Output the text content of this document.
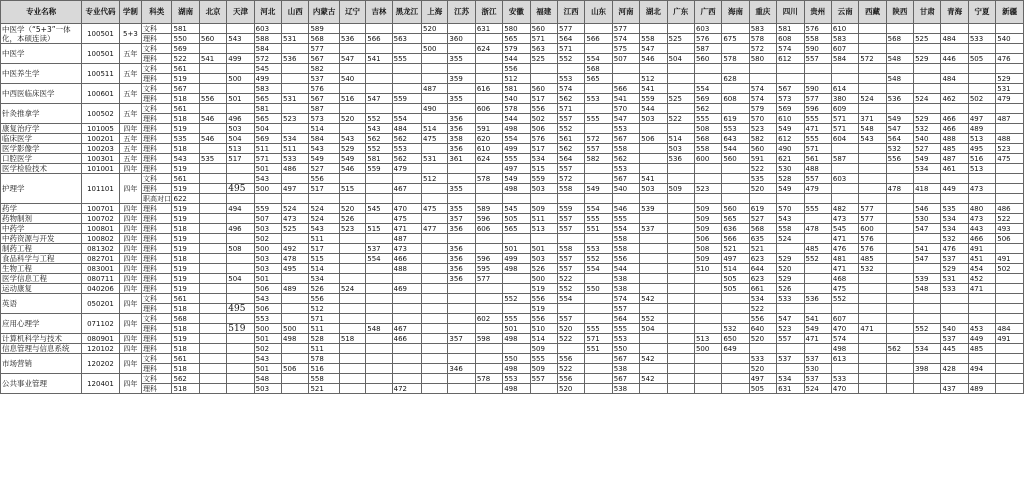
专业名称	专业代码	学制	科类	湖南	北京	天津	河北	山西	内蒙古	辽宁	吉林	黑龙江	上海	江苏	浙江	安徽	福建	江西	山东	河南	湖北	广东	广西	海南	重庆	四川	贵州	云南	西藏	陕西	甘肃	青海	宁夏	新疆
中医学（“5+3”一体化，本硕连读）	100501	5+3	文科	581			603		589				520		631	580	560	577		577			603		583	581	576	610						
			理科	550	560	543	588	531	568	536	566	563		360		565	571	564	566	574	558	525	576	675	578	608	558	583		568	525	484	533	540
中医学	100501	五年	文科	569			584		577				500		624	579	563	571		575	547		587		572	574	590	607						
			理科	522	541	499	572	536	567	547	541	555		355		544	525	552	554	507	546	504	560	578	580	612	557	584	572	548	529	446	505	476
中医养生学	100511	五年	文科	561			545		582							556			568															
			理科	519		500	499		537	540				359		512		553	565		512			628						548		484		529
中西医临床医学	100601	五年	文科	567			583		576				487		616	581	560	574		566	541		554		574	567	590	614						531
			理科	518	556	501	565	531	567	516	547	559		355		540	517	562	553	541	559	525	569	608	574	573	577	380	524	536	524	462	502	479
针灸推拿学	100502	五年	文科	561			581		587				490		606	578	556	571		570	544		562		579	569	596	609						
			理科	518	546	496	565	523	573	520	552	554		356		544	502	557	555	547	503	522	555	619	570	610	555	571	371	549	529	466	497	487
康复治疗学	101005	四年	理科	519		503	504		514		543	484	514	356	591	498	506	552		553			508	553	523	549	471	571	548	547	532	466	489	
临床医学	100201	五年	理科	535	546	504	569	534	584	543	562	562	475	358	620	554	576	561	572	567	506	514	568	643	582	612	555	604	543	564	540	488	513	488
医学影像学	100203	五年	理科	518		513	511	511	543	529	552	553		356	610	499	517	562	557	558		503	558	544	560	490	571			532	527	485	495	523
口腔医学	100301	五年	理科	543	535	517	571	533	549	549	581	562	531	361	624	555	534	564	582	562		536	600	560	591	621	561	587		556	549	487	516	475
医学检验技术	101001	四年	理科	519			501	486	527	546	559	479				497	515	557		553					522	530	488				534	461	513	
护理学	101101	四年	文科	561			543		556				512		578	549	559	572		567	541				535	528	557	603						
			理科	519		495	500	497	517	515		467		355		498	503	558	549	540	503	509	523		520	549	479			478	418	449	473	
			职高对口	622																														
药学	100701	四年	理科	519		494	559	524	524	520	545	470	475	355	589	545	509	559	554	546	539		509	560	619	570	555	482	577		546	535	480	486
药物制剂	100702	四年	理科	519			507	473	524	526		475		357	596	505	511	557	555	555			509	565	527	543		473	577		530	534	473	522
中药学	100801	四年	理科	518		496	503	525	543	523	515	471	477	356	606	565	513	557	551	554	537		509	636	568	558	478	545	600		547	534	443	493
中药资源与开发	100802	四年	理科	519			502		511			487								558			506	566	635	524		471	576			532	466	506
制药工程	081302	四年	理科	519		508	500	492	517		537	473		356		501	501	558	553	558			508	521	521		485	476	576		541	476	491	
食品科学与工程	082701	四年	理科	518			503	478	515		554	466		356	596	499	503	557	552	556			509	497	623	529	552	481	485		547	537	451	491
生物工程	083001	四年	理科	519			503	495	514			488		356	595	498	526	557	554	544			510	514	644	520		471	532			529	454	502
医学信息工程	080711	四年	理科	519		504	501		534					356	577		500	522		538				505	623	529		468			539	531	452	
运动康复	040206	四年	理科	519			506	489	526	524		469					519	552	550	538				505	661	526		475			548	533	471	
英语	050201	四年	文科	561			543		556							552	556	554		574	542				534	533	536	552						
			理科	518		495	506		512								519			557					522									
应用心理学	071102	四年	文科	568			553		571						602	555	556	557		564	552				556	547	541	607						
			理科	518		519	500	500	511		548	467				501	510	520	555	555	504			532	640	523	549	470	471		552	540	453	484
计算机科学与技术	080901	四年	理科	519			501	498	528	518		466		357	598	498	514	522	571	553			513	650	520	557	471	574				537	449	491
信息管理与信息系统	120102	四年	理科	518			502		511								509		551	550			500	649				498		562	534	445	485	
市场营销	120202	四年	文科	561			543		578							550	555	556		567	542				533	537	537	613						
			理科	518			501	506	516					346		498	509	522		538					520		530				398	428	494	
公共事业管理	120401	四年	文科	562			548		558						578	553	557	556		567	542				497	534	537	533						
			理科	518			503		521			472				498		520		538					505	631	524	470				437	489	
